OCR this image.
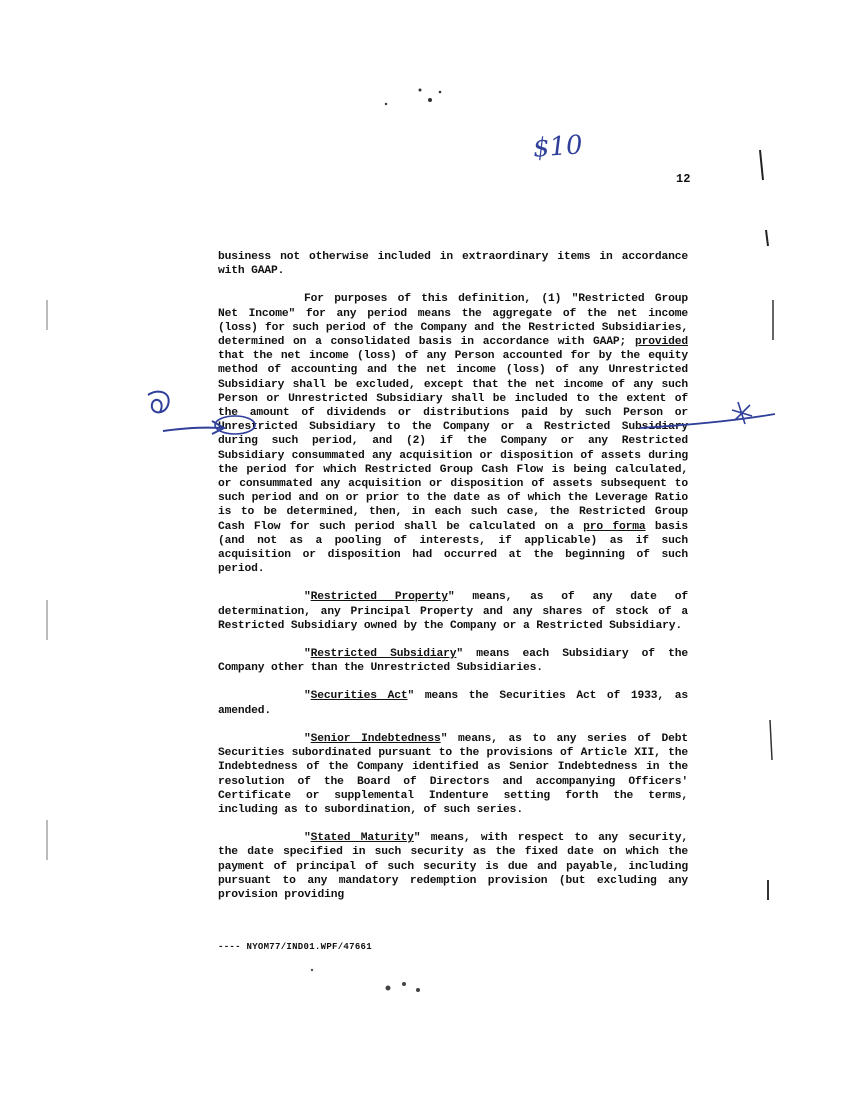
$10
12

business not otherwise included in extraordinary items in accordance with GAAP.

For purposes of this definition, (1) "Restricted Group Net Income" for any period means the aggregate of the net income (loss) for such period of the Company and the Restricted Subsidiaries, determined on a consolidated basis in accordance with GAAP; provided that the net income (loss) of any Person accounted for by the equity method of accounting and the net income (loss) of any Unrestricted Subsidiary shall be excluded, except that the net income of any such Person or Unrestricted Subsidiary shall be included to the extent of the amount of dividends or distributions paid by such Person or Unrestricted Subsidiary to the Company or a Restricted Subsidiary during such period, and (2) if the Company or any Restricted Subsidiary consummated any acquisition or disposition of assets during the period for which Restricted Group Cash Flow is being calculated, or consummated any acquisition or disposition of assets subsequent to such period and on or prior to the date as of which the Leverage Ratio is to be determined, then, in each such case, the Restricted Group Cash Flow for such period shall be calculated on a pro forma basis (and not as a pooling of interests, if applicable) as if such acquisition or disposition had occurred at the beginning of such period.

"Restricted Property" means, as of any date of determination, any Principal Property and any shares of stock of a Restricted Subsidiary owned by the Company or a Restricted Subsidiary.

"Restricted Subsidiary" means each Subsidiary of the Company other than the Unrestricted Subsidiaries.

"Securities Act" means the Securities Act of 1933, as amended.

"Senior Indebtedness" means, as to any series of Debt Securities subordinated pursuant to the provisions of Article XII, the Indebtedness of the Company identified as Senior Indebtedness in the resolution of the Board of Directors and accompanying Officers' Certificate or supplemental Indenture setting forth the terms, including as to subordination, of such series.

"Stated Maturity" means, with respect to any security, the date specified in such security as the fixed date on which the payment of principal of such security is due and payable, including pursuant to any mandatory redemption provision (but excluding any provision providing

---- NYOM77/IND01.WPF/47661
